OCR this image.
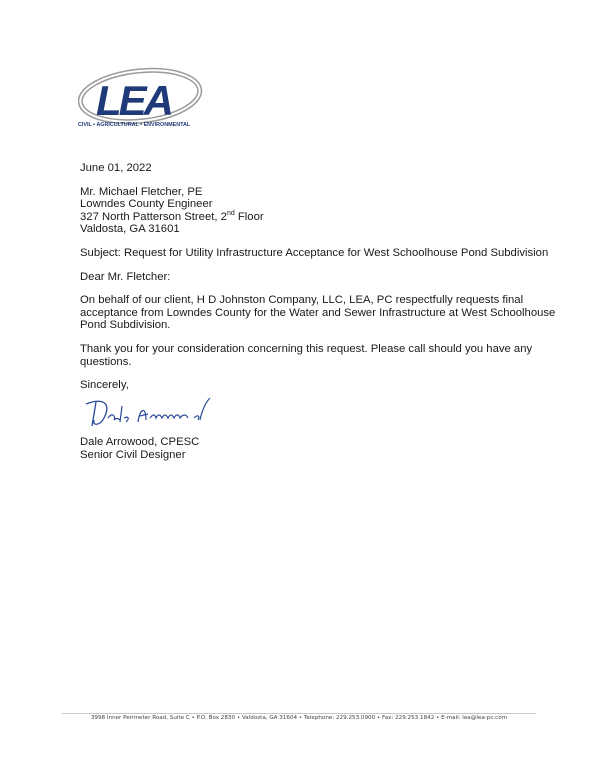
LEA
CIVIL • AGRICULTURAL • ENVIRONMENTAL
June 01, 2022
Mr. Michael Fletcher, PE
Lowndes County Engineer
327 North Patterson Street, 2nd Floor
Valdosta, GA 31601
Subject: Request for Utility Infrastructure Acceptance for West Schoolhouse Pond Subdivision
Dear Mr. Fletcher:
On behalf of our client, H D Johnston Company, LLC, LEA, PC respectfully requests final
acceptance from Lowndes County for the Water and Sewer Infrastructure at West Schoolhouse
Pond Subdivision.
Thank you for your consideration concerning this request. Please call should you have any
questions.
Sincerely,
Dale Arrowood, CPESC
Senior Civil Designer
3998 Inner Perimeter Road, Suite C • P.O. Box 2830 • Valdosta, GA 31604 • Telephone: 229.253.0900 • Fax: 229.253.1842 • E-mail: lea@lea-pc.com
